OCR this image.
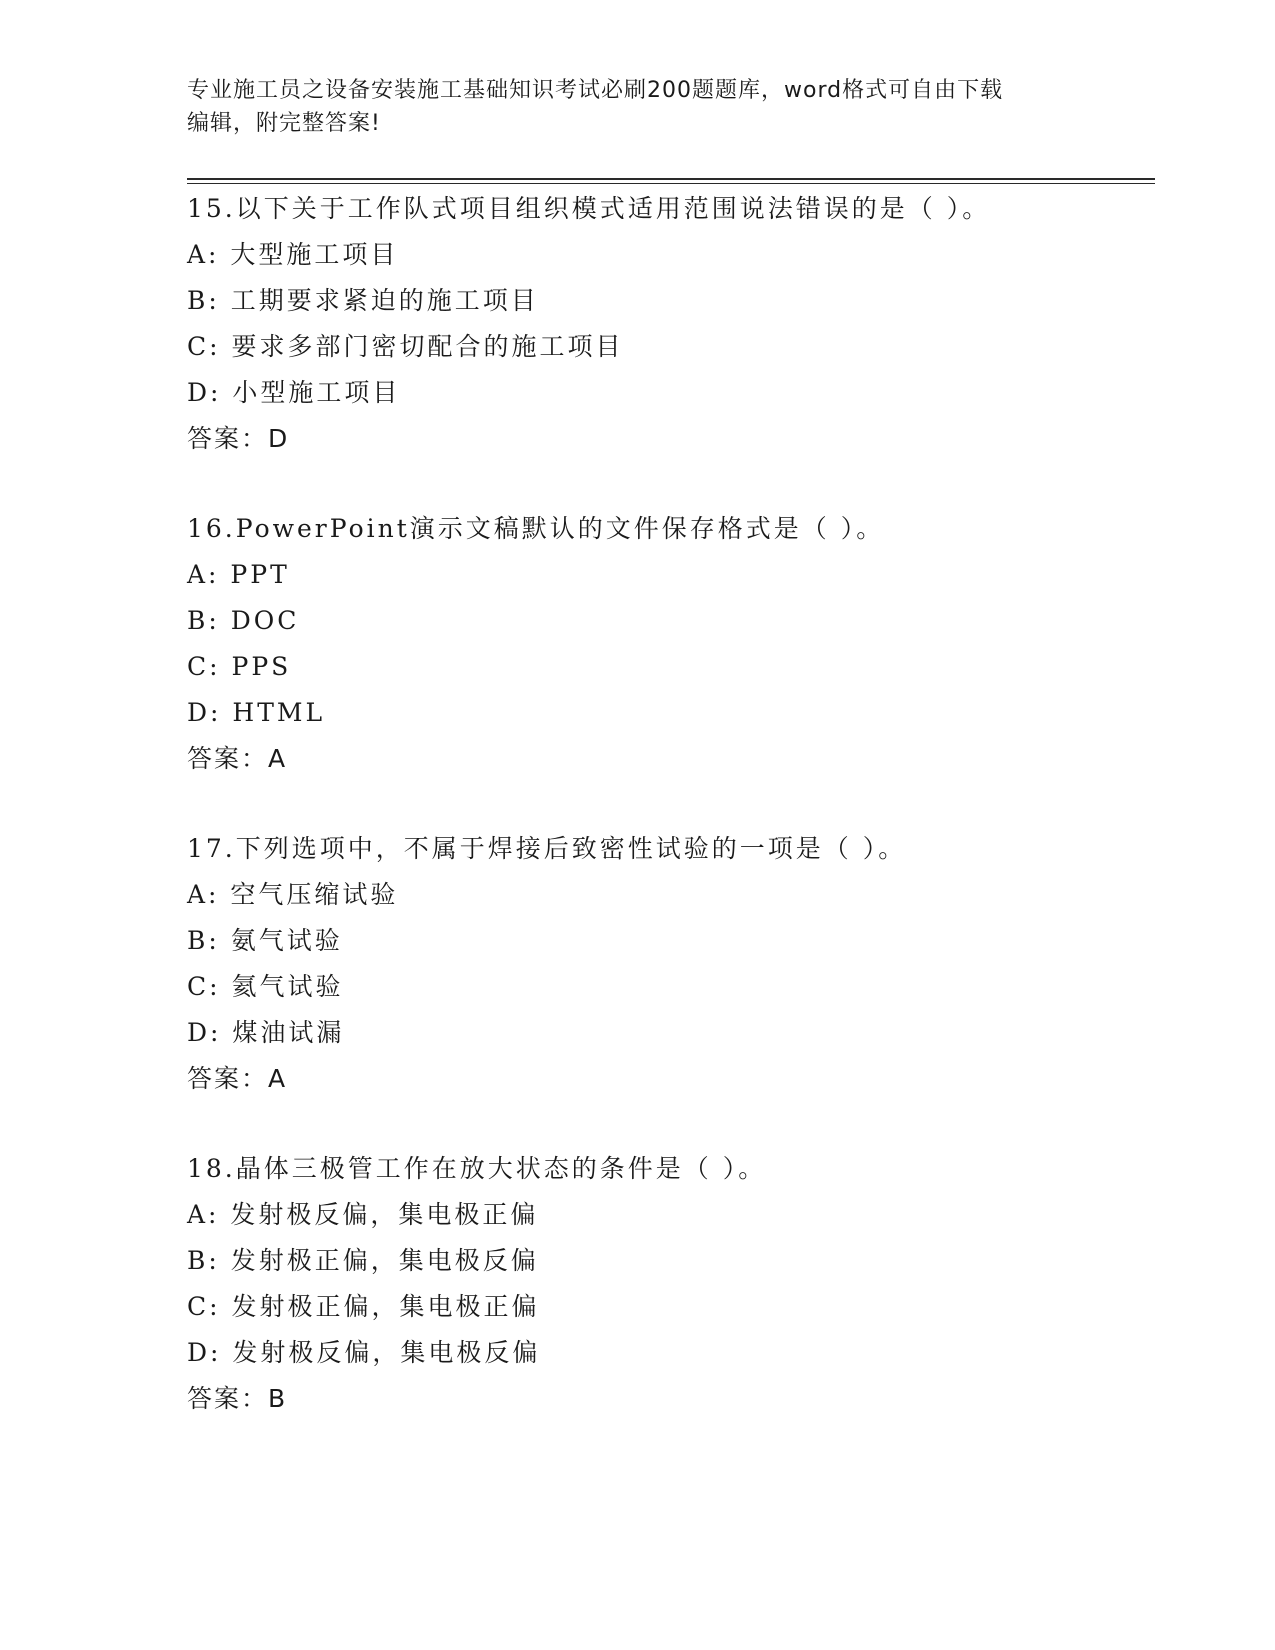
专业施工员之设备安装施工基础知识考试必刷200题题库，word格式可自由下载
编辑，附完整答案!
15.以下关于工作队式项目组织模式适用范围说法错误的是（ ）。
A: 大型施工项目
B: 工期要求紧迫的施工项目
C: 要求多部门密切配合的施工项目
D: 小型施工项目
答案：D
16.PowerPoint演示文稿默认的文件保存格式是（ ）。
A: PPT
B: DOC
C: PPS
D: HTML
答案：A
17.下列选项中，不属于焊接后致密性试验的一项是（ ）。
A: 空气压缩试验
B: 氨气试验
C: 氦气试验
D: 煤油试漏
答案：A
18.晶体三极管工作在放大状态的条件是（ ）。
A: 发射极反偏，集电极正偏
B: 发射极正偏，集电极反偏
C: 发射极正偏，集电极正偏
D: 发射极反偏，集电极反偏
答案：B
